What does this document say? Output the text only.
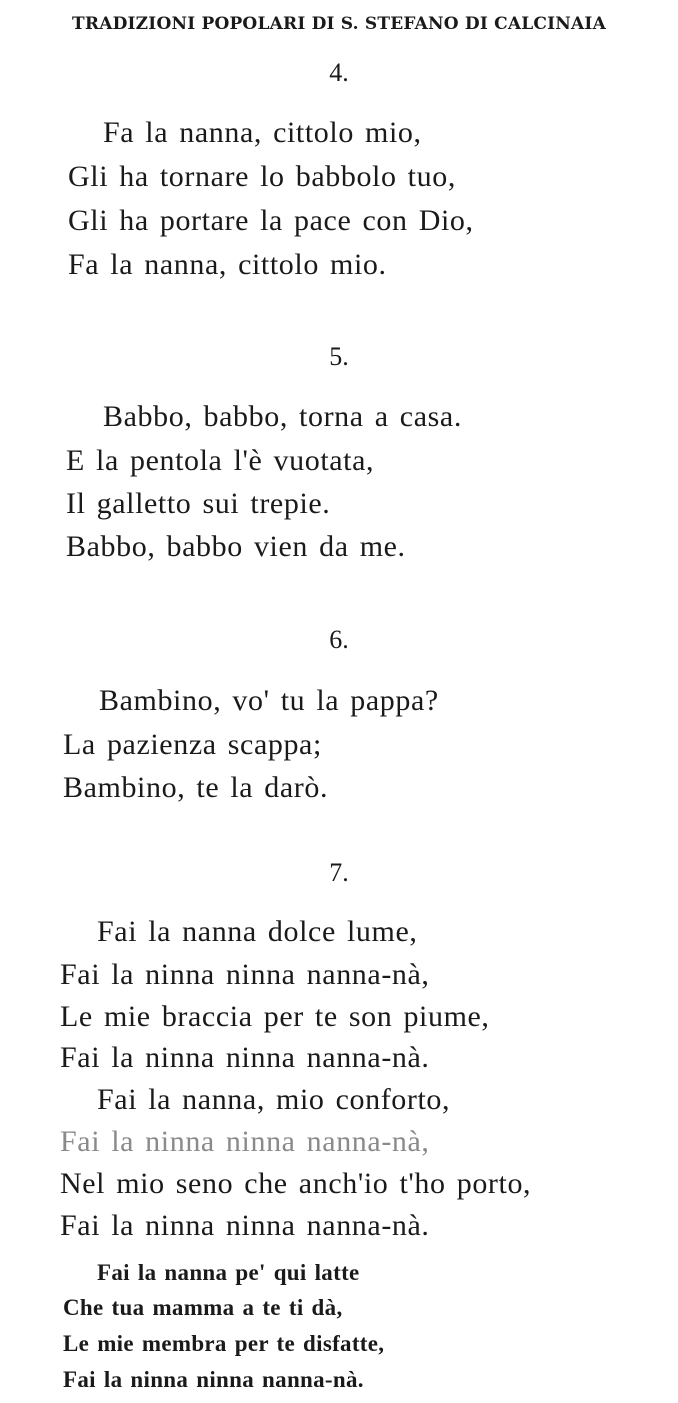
TRADIZIONI POPOLARI DI S. STEFANO DI CALCINAIA
4.
Fa la nanna, cittolo mio,
Gli ha tornare lo babbolo tuo,
Gli ha portare la pace con Dio,
Fa la nanna, cittolo mio.
5.
Babbo, babbo, torna a casa.
E la pentola l'è vuotata,
Il galletto sui trepie.
Babbo, babbo vien da me.
6.
Bambino, vo' tu la pappa?
La pazienza scappa;
Bambino, te la darò.
7.
Fai la nanna dolce lume,
Fai la ninna ninna nanna-nà,
Le mie braccia per te son piume,
Fai la ninna ninna nanna-nà.
Fai la nanna, mio conforto,
Fai la ninna ninna nanna-nà,
Nel mio seno che anch'io t'ho porto,
Fai la ninna ninna nanna-nà.
Fai la nanna pe' qui latte
Che tua mamma a te ti dà,
Le mie membra per te disfatte,
Fai la ninna ninna nanna-nà.
